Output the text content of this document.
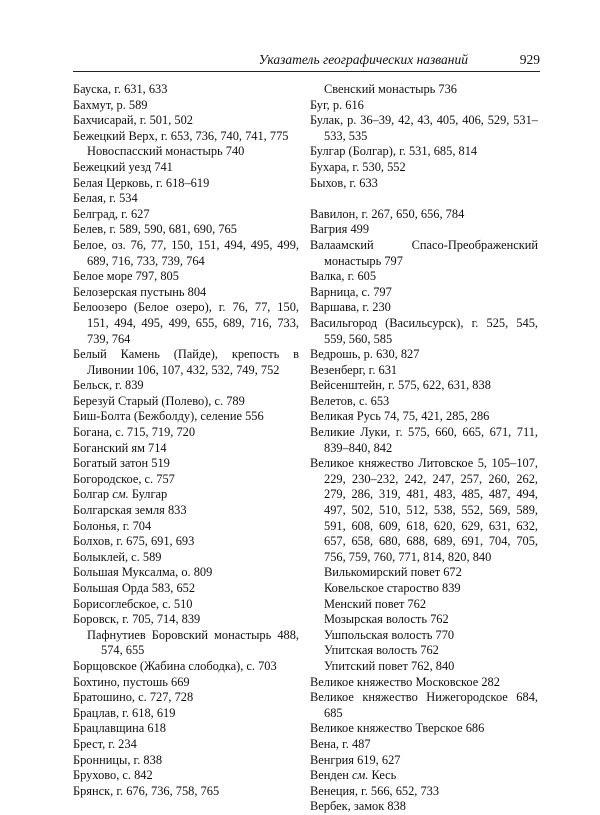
Указатель географических названий	929
Бауска, г. 631, 633
Бахмут, р. 589
Бахчисарай, г. 501, 502
Бежецкий Верх, г. 653, 736, 740, 741, 775
Новоспасский монастырь 740
Бежецкий уезд 741
Белая Церковь, г. 618–619
Белая, г. 534
Белград, г. 627
Белев, г. 589, 590, 681, 690, 765
Белое, оз. 76, 77, 150, 151, 494, 495, 499, 689, 716, 733, 739, 764
Белое море 797, 805
Белозерская пустынь 804
Белоозеро (Белое озеро), г. 76, 77, 150, 151, 494, 495, 499, 655, 689, 716, 733, 739, 764
Белый Камень (Пайде), крепость в Ливонии 106, 107, 432, 532, 749, 752
Бельск, г. 839
Березуй Старый (Полево), с. 789
Биш-Болта (Бежболду), селение 556
Богана, с. 715, 719, 720
Боганский ям 714
Богатый затон 519
Богородское, с. 757
Болгар см. Булгар
Болгарская земля 833
Болонья, г. 704
Болхов, г. 675, 691, 693
Болыклей, с. 589
Большая Муксалма, о. 809
Большая Орда 583, 652
Борисоглебское, с. 510
Боровск, г. 705, 714, 839
Пафнутиев Боровский монастырь 488, 574, 655
Борщовское (Жабина слободка), с. 703
Бохтино, пустошь 669
Братошино, с. 727, 728
Брацлав, г. 618, 619
Брацлавщина 618
Брест, г. 234
Бронницы, г. 838
Брухово, с. 842
Брянск, г. 676, 736, 758, 765
Свенский монастырь 736
Буг, р. 616
Булак, р. 36–39, 42, 43, 405, 406, 529, 531–533, 535
Булгар (Болгар), г. 531, 685, 814
Бухара, г. 530, 552
Быхов, г. 633
Вавилон, г. 267, 650, 656, 784
Вагрия 499
Валаамский Спасо-Преображенский монастырь 797
Валка, г. 605
Варница, с. 797
Варшава, г. 230
Васильгород (Васильсурск), г. 525, 545, 559, 560, 585
Ведрошь, р. 630, 827
Везенберг, г. 631
Вейсенштейн, г. 575, 622, 631, 838
Велетов, с. 653
Великая Русь 74, 75, 421, 285, 286
Великие Луки, г. 575, 660, 665, 671, 711, 839–840, 842
Великое княжество Литовское 5, 105–107, 229, 230–232, 242, 247, 257, 260, 262, 279, 286, 319, 481, 483, 485, 487, 494, 497, 502, 510, 512, 538, 552, 569, 589, 591, 608, 609, 618, 620, 629, 631, 632, 657, 658, 680, 688, 689, 691, 704, 705, 756, 759, 760, 771, 814, 820, 840
Вилькомирский повет 672
Ковельское староство 839
Менский повет 762
Мозырская волость 762
Ушпольская волость 770
Упитская волость 762
Упитский повет 762, 840
Великое княжество Московское 282
Великое княжество Нижегородское 684, 685
Великое княжество Тверское 686
Вена, г. 487
Венгрия 619, 627
Венден см. Кесь
Венеция, г. 566, 652, 733
Вербек, замок 838
